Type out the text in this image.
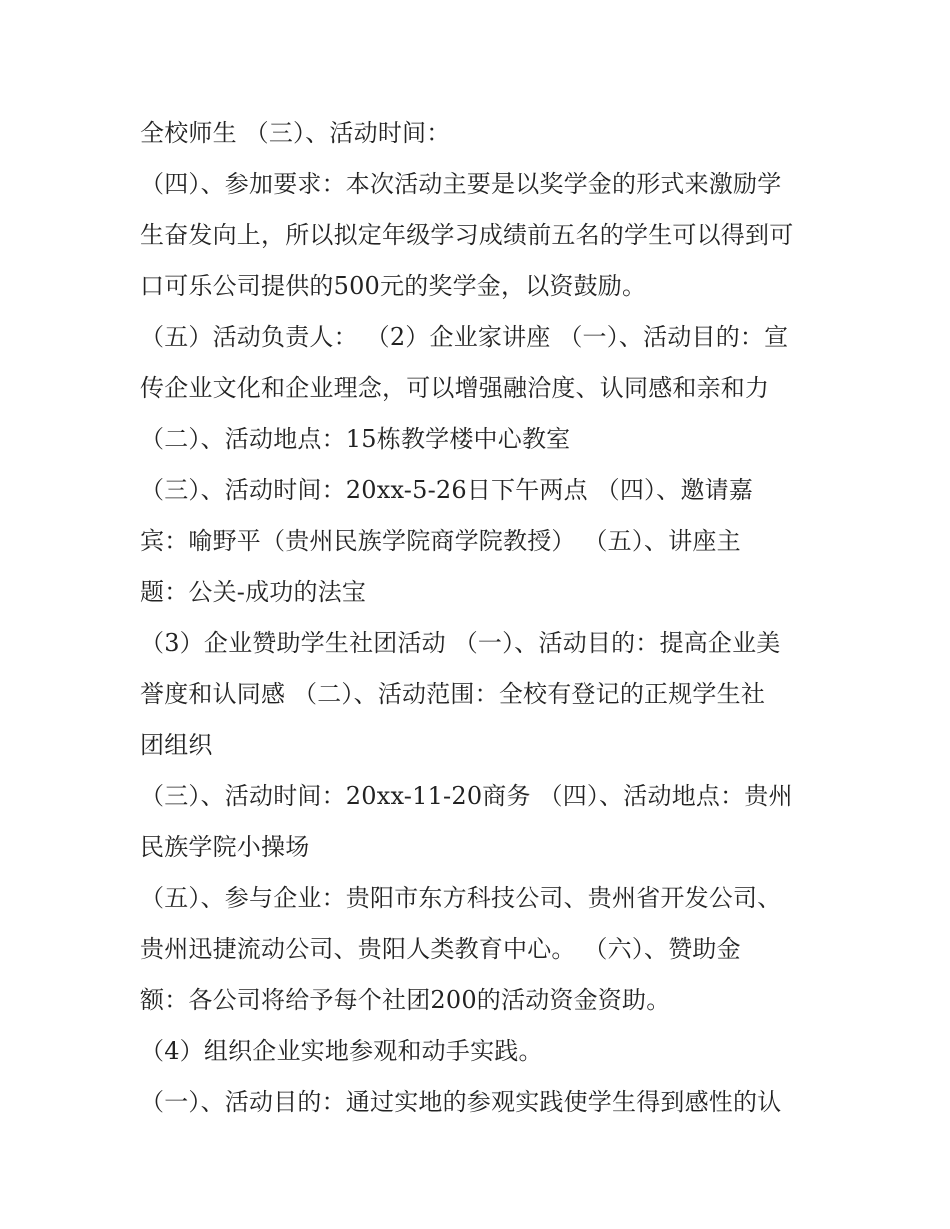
全校师生 （三）、活动时间：
（四）、参加要求：本次活动主要是以奖学金的形式来激励学
生奋发向上，所以拟定年级学习成绩前五名的学生可以得到可
口可乐公司提供的500元的奖学金，以资鼓励。
（五）活动负责人： （2）企业家讲座 （一）、活动目的：宣
传企业文化和企业理念，可以增强融洽度、认同感和亲和力
（二）、活动地点：15栋教学楼中心教室
（三）、活动时间：20xx-5-26日下午两点 （四）、邀请嘉
宾：喻野平（贵州民族学院商学院教授） （五）、讲座主
题：公关-成功的法宝
（3）企业赞助学生社团活动 （一）、活动目的：提高企业美
誉度和认同感 （二）、活动范围：全校有登记的正规学生社
团组织
（三）、活动时间：20xx-11-20商务 （四）、活动地点：贵州
民族学院小操场
（五）、参与企业：贵阳市东方科技公司、贵州省开发公司、
贵州迅捷流动公司、贵阳人类教育中心。 （六）、赞助金
额：各公司将给予每个社团200的活动资金资助。
（4）组织企业实地参观和动手实践。
（一）、活动目的：通过实地的参观实践使学生得到感性的认
